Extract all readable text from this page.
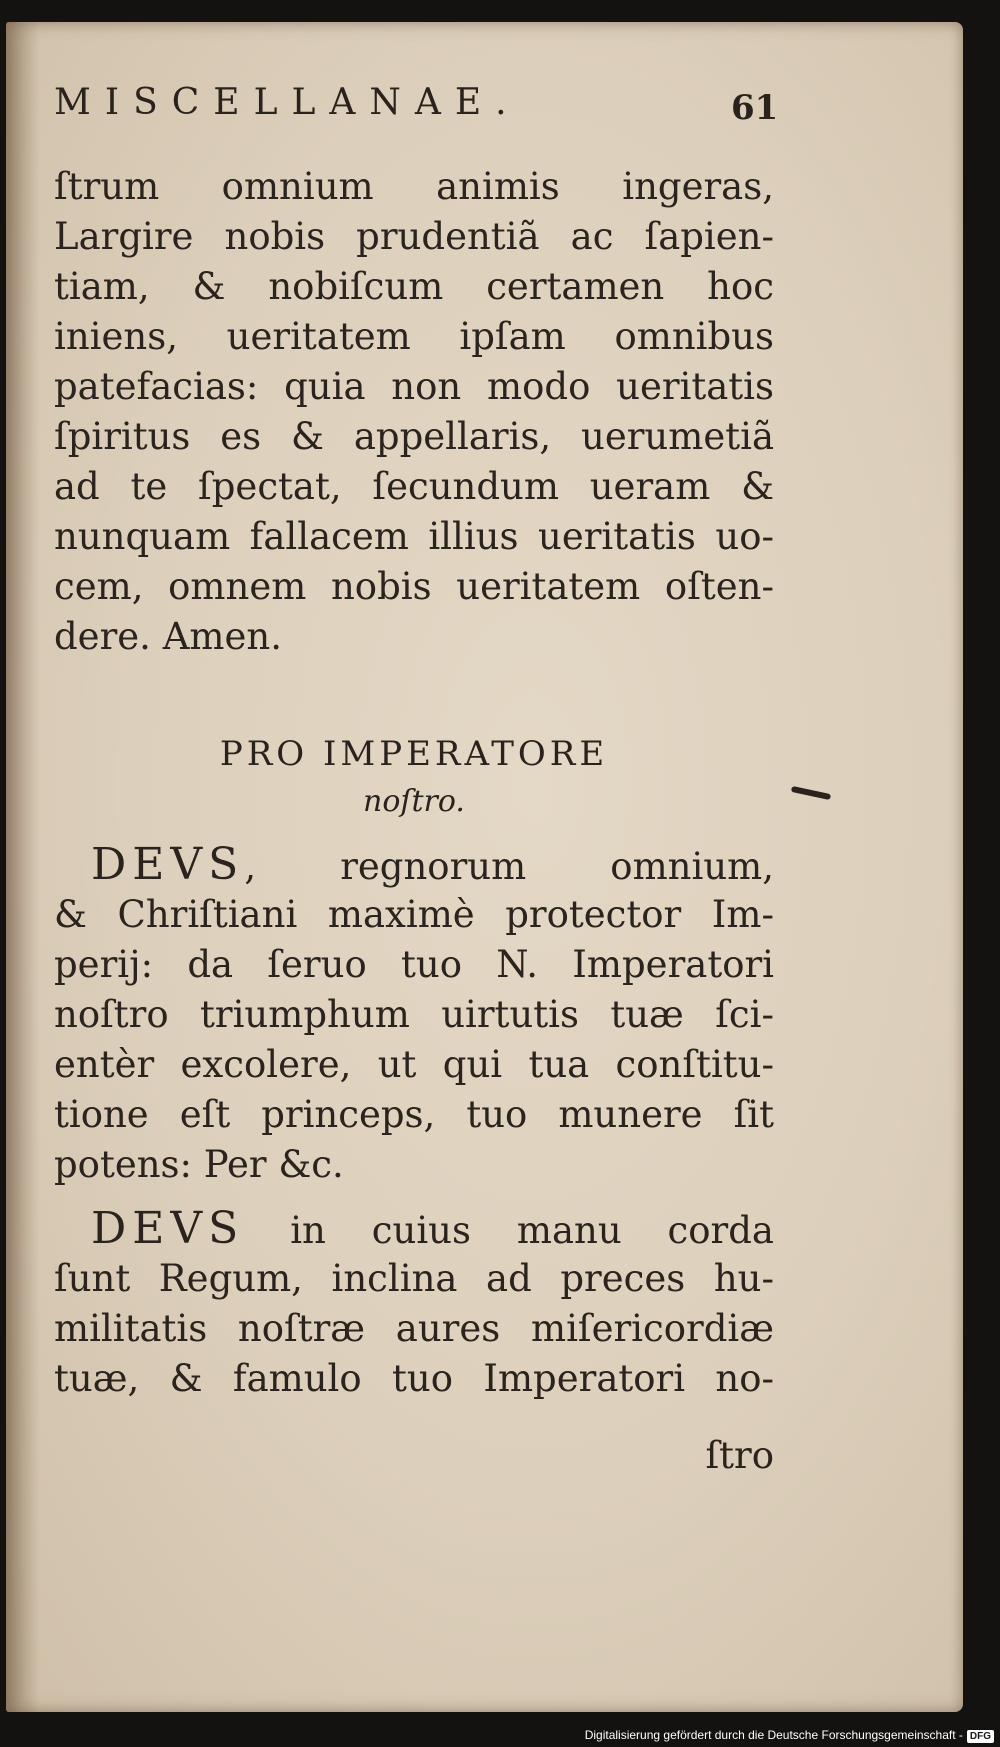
MISCELLANAE.	61
ſtrum omnium animis ingeras,
Largire nobis prudentiã ac ſapien-
tiam, & nobiſcum certamen hoc
iniens, ueritatem ipſam omnibus
patefacias: quia non modo ueritatis
ſpiritus es & appellaris, uerumetiã
ad te ſpectat, ſecundum ueram &
nunquam fallacem illius ueritatis uo-
cem, omnem nobis ueritatem oſten-
dere. Amen.
PRO IMPERATORE
noſtro.
 DEVS, regnorum omnium,
& Chriſtiani maximè protector Im-
perij: da ſeruo tuo N. Imperatori
noſtro triumphum uirtutis tuæ ſci-
entèr excolere, ut qui tua conſtitu-
tione eſt princeps, tuo munere ſit
potens: Per &c.
 DEVS in cuius manu corda
ſunt Regum, inclina ad preces hu-
militatis noſtræ aures miſericordiæ
tuæ, & famulo tuo Imperatori no-
ſtro
Digitalisierung gefördert durch die Deutsche Forschungsgemeinschaft - DFG
